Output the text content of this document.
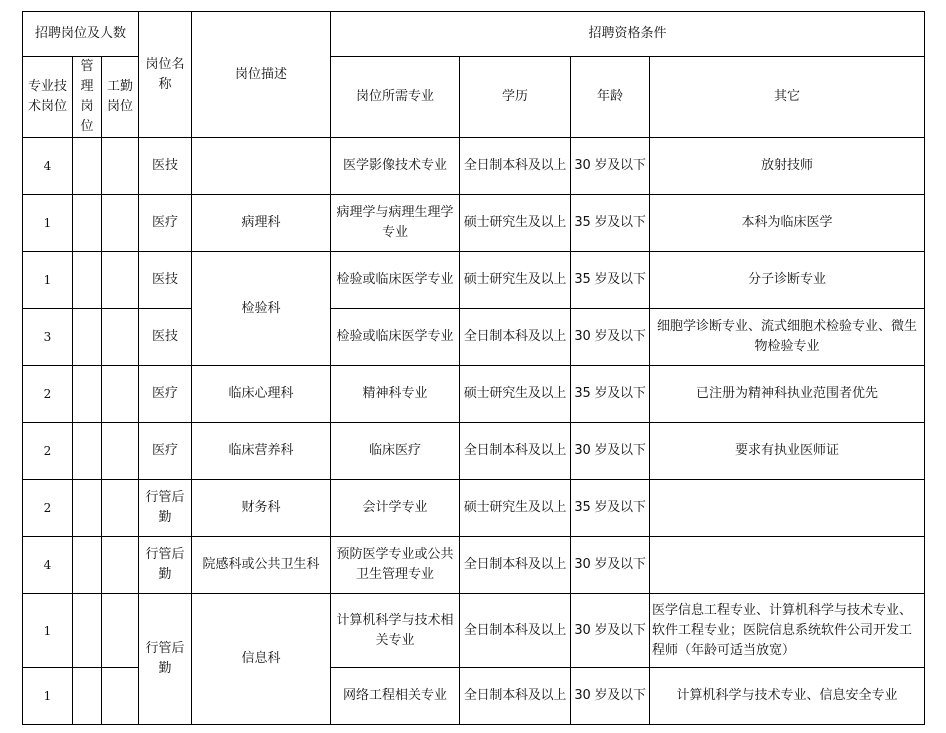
招聘岗位及人数			岗位名称	岗位描述	招聘资格条件			
专业技术岗位	管理岗位	工勤岗位			岗位所需专业	学历	年龄	其它
4			医技		医学影像技术专业	全日制本科及以上	30 岁及以下	放射技师
1			医疗	病理科	病理学与病理生理学专业	硕士研究生及以上	35 岁及以下	本科为临床医学
1			医技	检验科	检验或临床医学专业	硕士研究生及以上	35 岁及以下	分子诊断专业
3			医技		检验或临床医学专业	全日制本科及以上	30 岁及以下	细胞学诊断专业、流式细胞术检验专业、微生物检验专业
2			医疗	临床心理科	精神科专业	硕士研究生及以上	35 岁及以下	已注册为精神科执业范围者优先
2			医疗	临床营养科	临床医疗	全日制本科及以上	30 岁及以下	要求有执业医师证
2			行管后勤	财务科	会计学专业	硕士研究生及以上	35 岁及以下	
4			行管后勤	院感科或公共卫生科	预防医学专业或公共卫生管理专业	全日制本科及以上	30 岁及以下	
1			行管后勤	信息科	计算机科学与技术相关专业	全日制本科及以上	30 岁及以下	医学信息工程专业、计算机科学与技术专业、软件工程专业；医院信息系统软件公司开发工程师（年龄可适当放宽）
1					网络工程相关专业	全日制本科及以上	30 岁及以下	计算机科学与技术专业、信息安全专业
